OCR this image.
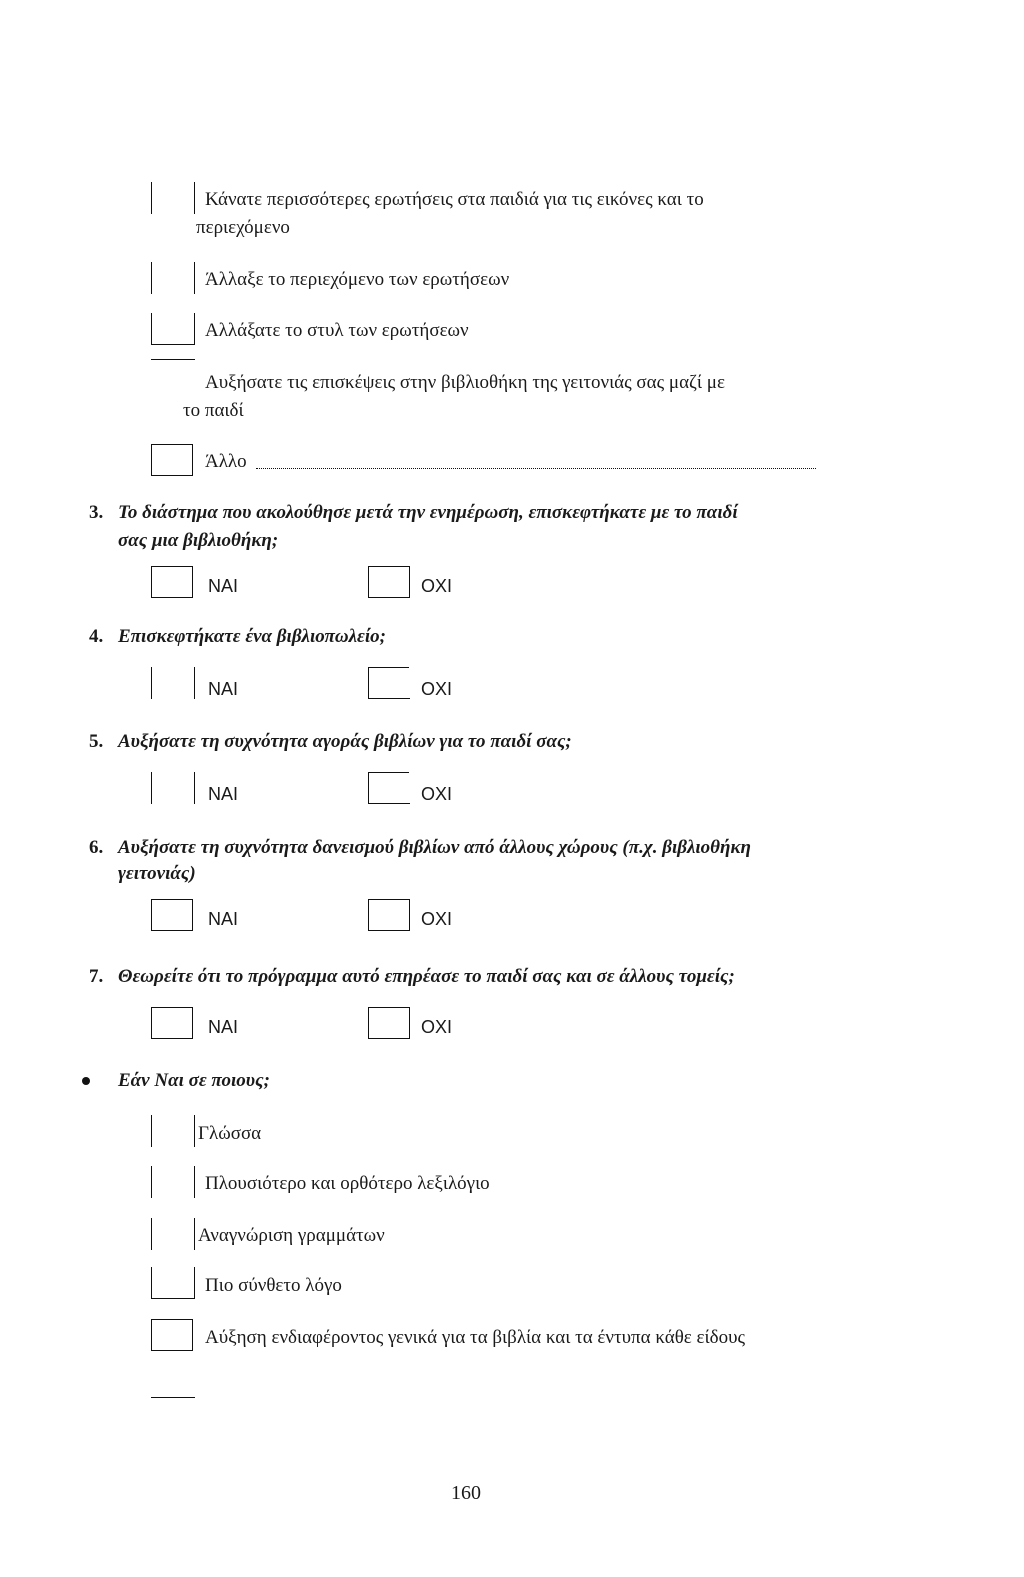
Κάνατε περισσότερες ερωτήσεις στα παιδιά για τις εικόνες και το
περιεχόμενο
Άλλαξε το περιεχόμενο των ερωτήσεων
Αλλάξατε το στυλ των ερωτήσεων
Αυξήσατε τις επισκέψεις στην βιβλιοθήκη της γειτονιάς σας μαζί με
το παιδί
Άλλο
3. Το διάστημα που ακολούθησε μετά την ενημέρωση, επισκεφτήκατε με το παιδί
σας μια βιβλιοθήκη;
ΝΑΙ	ΟΧΙ
4. Επισκεφτήκατε ένα βιβλιοπωλείο;
ΝΑΙ	ΟΧΙ
5. Αυξήσατε τη συχνότητα αγοράς βιβλίων για το παιδί σας;
ΝΑΙ	ΟΧΙ
6. Αυξήσατε τη συχνότητα δανεισμού βιβλίων από άλλους χώρους (π.χ. βιβλιοθήκη
γειτονιάς)
ΝΑΙ	ΟΧΙ
7. Θεωρείτε ότι το πρόγραμμα αυτό επηρέασε το παιδί σας και σε άλλους τομείς;
ΝΑΙ	ΟΧΙ
Εάν Ναι σε ποιους;
Γλώσσα
Πλουσιότερο και ορθότερο λεξιλόγιο
Αναγνώριση γραμμάτων
Πιο σύνθετο λόγο
Αύξηση ενδιαφέροντος γενικά για τα βιβλία και τα έντυπα κάθε είδους
160
